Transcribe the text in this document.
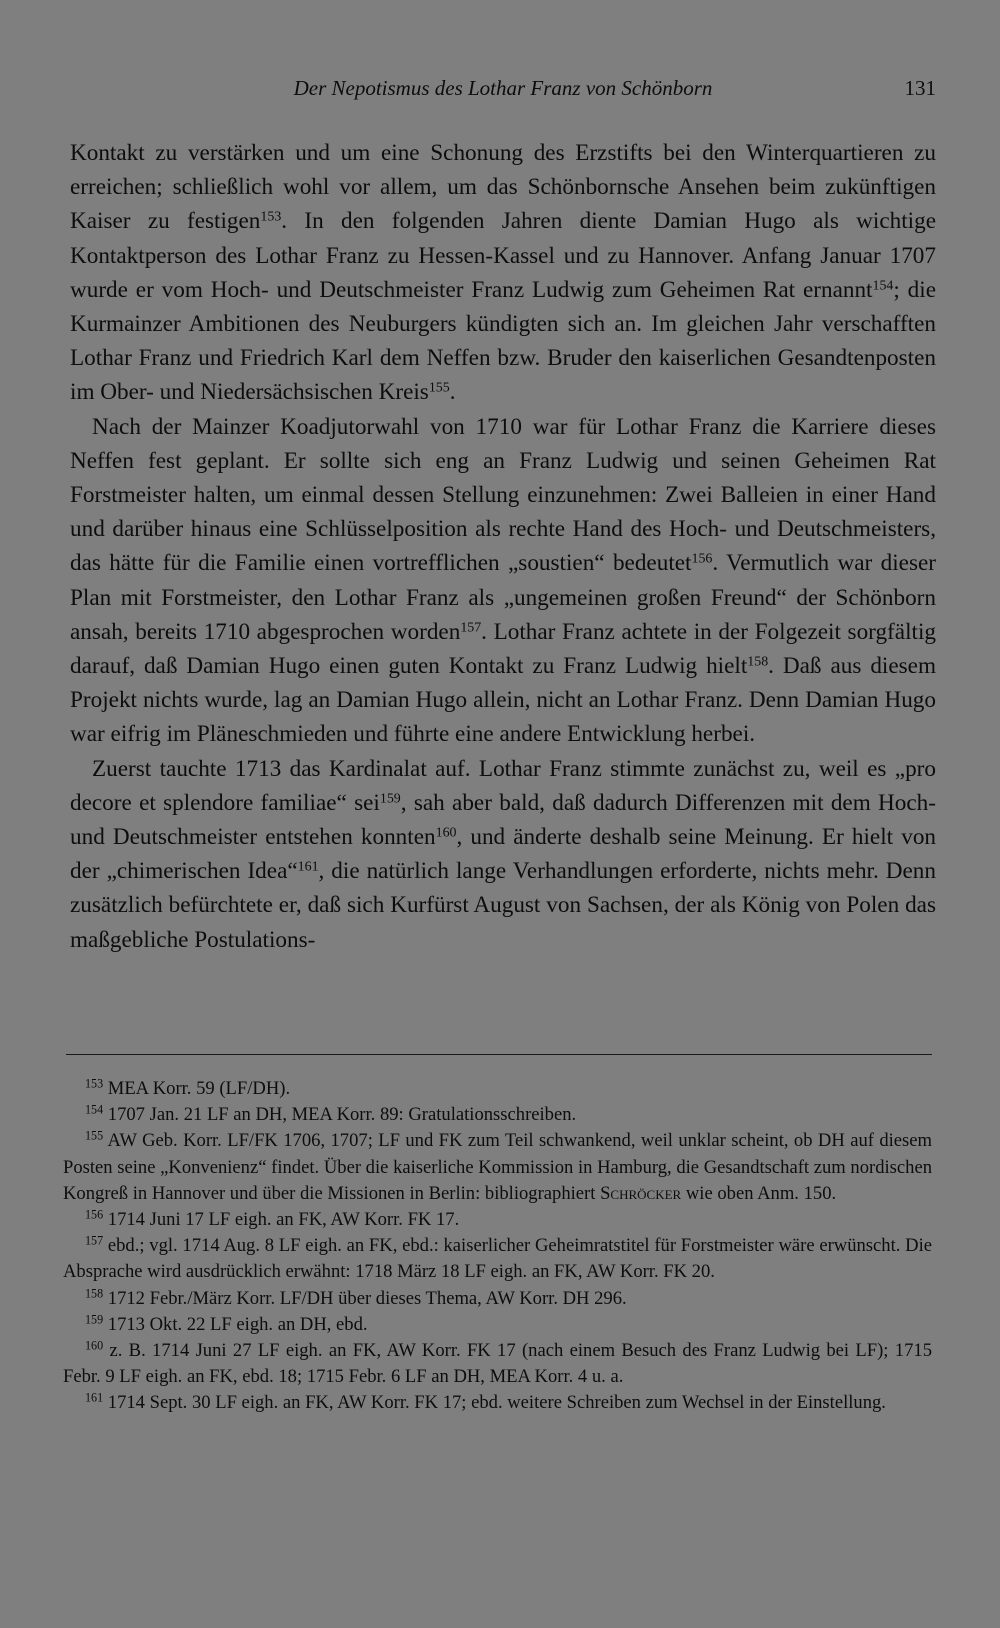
Der Nepotismus des Lothar Franz von Schönborn	131

Kontakt zu verstärken und um eine Schonung des Erzstifts bei den Winterquartieren zu erreichen; schließlich wohl vor allem, um das Schönbornsche Ansehen beim zukünftigen Kaiser zu festigen$^{153}$. In den folgenden Jahren diente Damian Hugo als wichtige Kontaktperson des Lothar Franz zu Hessen-Kassel und zu Hannover. Anfang Januar 1707 wurde er vom Hoch- und Deutschmeister Franz Ludwig zum Geheimen Rat ernannt$^{154}$; die Kurmainzer Ambitionen des Neuburgers kündigten sich an. Im gleichen Jahr verschafften Lothar Franz und Friedrich Karl dem Neffen bzw. Bruder den kaiserlichen Gesandtenposten im Ober- und Niedersächsischen Kreis$^{155}$.

Nach der Mainzer Koadjutorwahl von 1710 war für Lothar Franz die Karriere dieses Neffen fest geplant. Er sollte sich eng an Franz Ludwig und seinen Geheimen Rat Forstmeister halten, um einmal dessen Stellung einzunehmen: Zwei Balleien in einer Hand und darüber hinaus eine Schlüsselposition als rechte Hand des Hoch- und Deutschmeisters, das hätte für die Familie einen vortrefflichen „soustien“ bedeutet$^{156}$. Vermutlich war dieser Plan mit Forstmeister, den Lothar Franz als „ungemeinen großen Freund“ der Schönborn ansah, bereits 1710 abgesprochen worden$^{157}$. Lothar Franz achtete in der Folgezeit sorgfältig darauf, daß Damian Hugo einen guten Kontakt zu Franz Ludwig hielt$^{158}$. Daß aus diesem Projekt nichts wurde, lag an Damian Hugo allein, nicht an Lothar Franz. Denn Damian Hugo war eifrig im Pläneschmieden und führte eine andere Entwicklung herbei.

Zuerst tauchte 1713 das Kardinalat auf. Lothar Franz stimmte zunächst zu, weil es „pro decore et splendore familiae“ sei$^{159}$, sah aber bald, daß dadurch Differenzen mit dem Hoch- und Deutschmeister entstehen konnten$^{160}$, und änderte deshalb seine Meinung. Er hielt von der „chimerischen Idea“$^{161}$, die natürlich lange Verhandlungen erforderte, nichts mehr. Denn zusätzlich befürchtete er, daß sich Kurfürst August von Sachsen, der als König von Polen das maßgebliche Postulations-

$^{153}$ MEA Korr. 59 (LF/DH).

$^{154}$ 1707 Jan. 21 LF an DH, MEA Korr. 89: Gratulationsschreiben.

$^{155}$ AW Geb. Korr. LF/FK 1706, 1707; LF und FK zum Teil schwankend, weil unklar scheint, ob DH auf diesem Posten seine „Konvenienz“ findet. Über die kaiserliche Kommission in Hamburg, die Gesandtschaft zum nordischen Kongreß in Hannover und über die Missionen in Berlin: bibliographiert Schröcker wie oben Anm. 150.

$^{156}$ 1714 Juni 17 LF eigh. an FK, AW Korr. FK 17.

$^{157}$ ebd.; vgl. 1714 Aug. 8 LF eigh. an FK, ebd.: kaiserlicher Geheimratstitel für Forstmeister wäre erwünscht. Die Absprache wird ausdrücklich erwähnt: 1718 März 18 LF eigh. an FK, AW Korr. FK 20.

$^{158}$ 1712 Febr./März Korr. LF/DH über dieses Thema, AW Korr. DH 296.

$^{159}$ 1713 Okt. 22 LF eigh. an DH, ebd.

$^{160}$ z. B. 1714 Juni 27 LF eigh. an FK, AW Korr. FK 17 (nach einem Besuch des Franz Ludwig bei LF); 1715 Febr. 9 LF eigh. an FK, ebd. 18; 1715 Febr. 6 LF an DH, MEA Korr. 4 u. a.

$^{161}$ 1714 Sept. 30 LF eigh. an FK, AW Korr. FK 17; ebd. weitere Schreiben zum Wechsel in der Einstellung.
